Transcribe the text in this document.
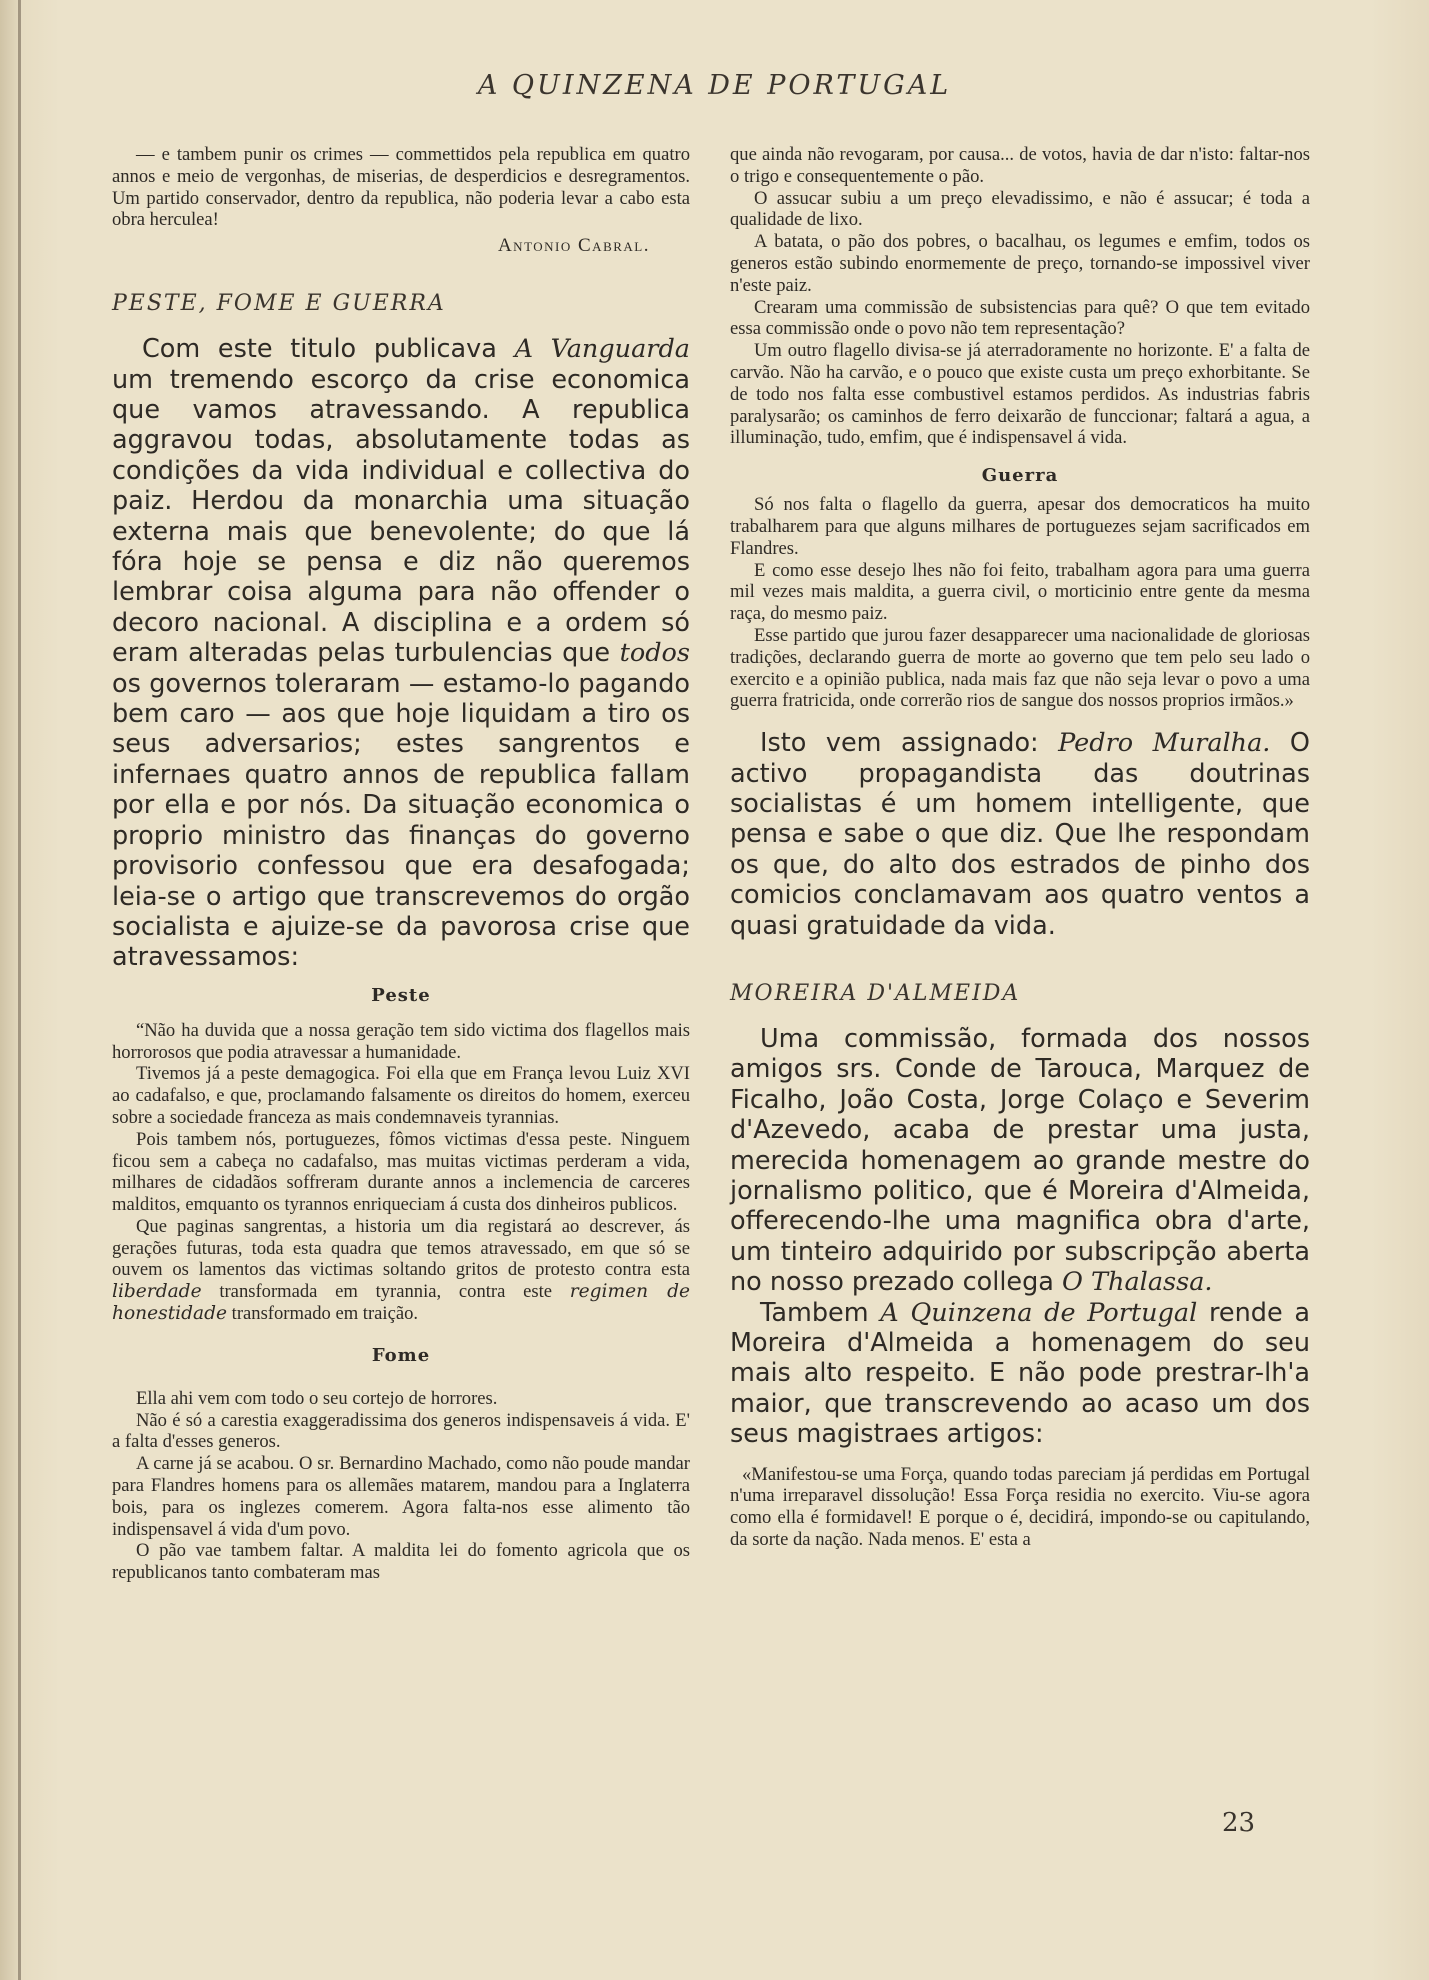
A QUINZENA DE PORTUGAL

— e tambem punir os crimes — commettidos pela republica em quatro annos e meio de vergonhas, de miserias, de desperdicios e desregramentos. Um partido conservador, dentro da republica, não poderia levar a cabo esta obra herculea!

Antonio Cabral.

PESTE, FOME E GUERRA

Com este titulo publicava A Vanguarda um tremendo escorço da crise economica que vamos atravessando. A republica aggravou todas, absolutamente todas as condições da vida individual e collectiva do paiz. Herdou da monarchia uma situação externa mais que benevolente; do que lá fóra hoje se pensa e diz não queremos lembrar coisa alguma para não offender o decoro nacional. A disciplina e a ordem só eram alteradas pelas turbulencias que todos os governos toleraram — estamo-lo pagando bem caro — aos que hoje liquidam a tiro os seus adversarios; estes sangrentos e infernaes quatro annos de republica fallam por ella e por nós. Da situação economica o proprio ministro das finanças do governo provisorio confessou que era desafogada; leia-se o artigo que transcrevemos do orgão socialista e ajuize-se da pavorosa crise que atravessamos:

Peste

“Não ha duvida que a nossa geração tem sido victima dos flagellos mais horrorosos que podia atravessar a humanidade.

Tivemos já a peste demagogica. Foi ella que em França levou Luiz XVI ao cadafalso, e que, proclamando falsamente os direitos do homem, exerceu sobre a sociedade franceza as mais condemnaveis tyrannias.

Pois tambem nós, portuguezes, fômos victimas d'essa peste. Ninguem ficou sem a cabeça no cadafalso, mas muitas victimas perderam a vida, milhares de cidadãos soffreram durante annos a inclemencia de carceres malditos, emquanto os tyrannos enriqueciam á custa dos dinheiros publicos.

Que paginas sangrentas, a historia um dia registará ao descrever, ás gerações futuras, toda esta quadra que temos atravessado, em que só se ouvem os lamentos das victimas soltando gritos de protesto contra esta liberdade transformada em tyrannia, contra este regimen de honestidade transformado em traição.

Fome

Ella ahi vem com todo o seu cortejo de horrores.

Não é só a carestia exaggeradissima dos generos indispensaveis á vida. E' a falta d'esses generos.

A carne já se acabou. O sr. Bernardino Machado, como não poude mandar para Flandres homens para os allemães matarem, mandou para a Inglaterra bois, para os inglezes comerem. Agora falta-nos esse alimento tão indispensavel á vida d'um povo.

O pão vae tambem faltar. A maldita lei do fomento agricola que os republicanos tanto combateram mas

que ainda não revogaram, por causa... de votos, havia de dar n'isto: faltar-nos o trigo e consequentemente o pão.

O assucar subiu a um preço elevadissimo, e não é assucar; é toda a qualidade de lixo.

A batata, o pão dos pobres, o bacalhau, os legumes e emfim, todos os generos estão subindo enormemente de preço, tornando-se impossivel viver n'este paiz.

Crearam uma commissão de subsistencias para quê? O que tem evitado essa commissão onde o povo não tem representação?

Um outro flagello divisa-se já aterradoramente no horizonte. E' a falta de carvão. Não ha carvão, e o pouco que existe custa um preço exhorbitante. Se de todo nos falta esse combustivel estamos perdidos. As industrias fabris paralysarão; os caminhos de ferro deixarão de funccionar; faltará a agua, a illuminação, tudo, emfim, que é indispensavel á vida.

Guerra

Só nos falta o flagello da guerra, apesar dos democraticos ha muito trabalharem para que alguns milhares de portuguezes sejam sacrificados em Flandres.

E como esse desejo lhes não foi feito, trabalham agora para uma guerra mil vezes mais maldita, a guerra civil, o morticinio entre gente da mesma raça, do mesmo paiz.

Esse partido que jurou fazer desapparecer uma nacionalidade de gloriosas tradições, declarando guerra de morte ao governo que tem pelo seu lado o exercito e a opinião publica, nada mais faz que não seja levar o povo a uma guerra fratricida, onde correrão rios de sangue dos nossos proprios irmãos.»

Isto vem assignado: Pedro Muralha. O activo propagandista das doutrinas socialistas é um homem intelligente, que pensa e sabe o que diz. Que lhe respondam os que, do alto dos estrados de pinho dos comicios conclamavam aos quatro ventos a quasi gratuidade da vida.

MOREIRA D'ALMEIDA

Uma commissão, formada dos nossos amigos srs. Conde de Tarouca, Marquez de Ficalho, João Costa, Jorge Colaço e Severim d'Azevedo, acaba de prestar uma justa, merecida homenagem ao grande mestre do jornalismo politico, que é Moreira d'Almeida, offerecendo-lhe uma magnifica obra d'arte, um tinteiro adquirido por subscripção aberta no nosso prezado collega O Thalassa.

Tambem A Quinzena de Portugal rende a Moreira d'Almeida a homenagem do seu mais alto respeito. E não pode prestrar-lh'a maior, que transcrevendo ao acaso um dos seus magistraes artigos:

«Manifestou-se uma Força, quando todas pareciam já perdidas em Portugal n'uma irreparavel dissolução! Essa Força residia no exercito. Viu-se agora como ella é formidavel! E porque o é, decidirá, impondo-se ou capitulando, da sorte da nação. Nada menos. E' esta a

23
